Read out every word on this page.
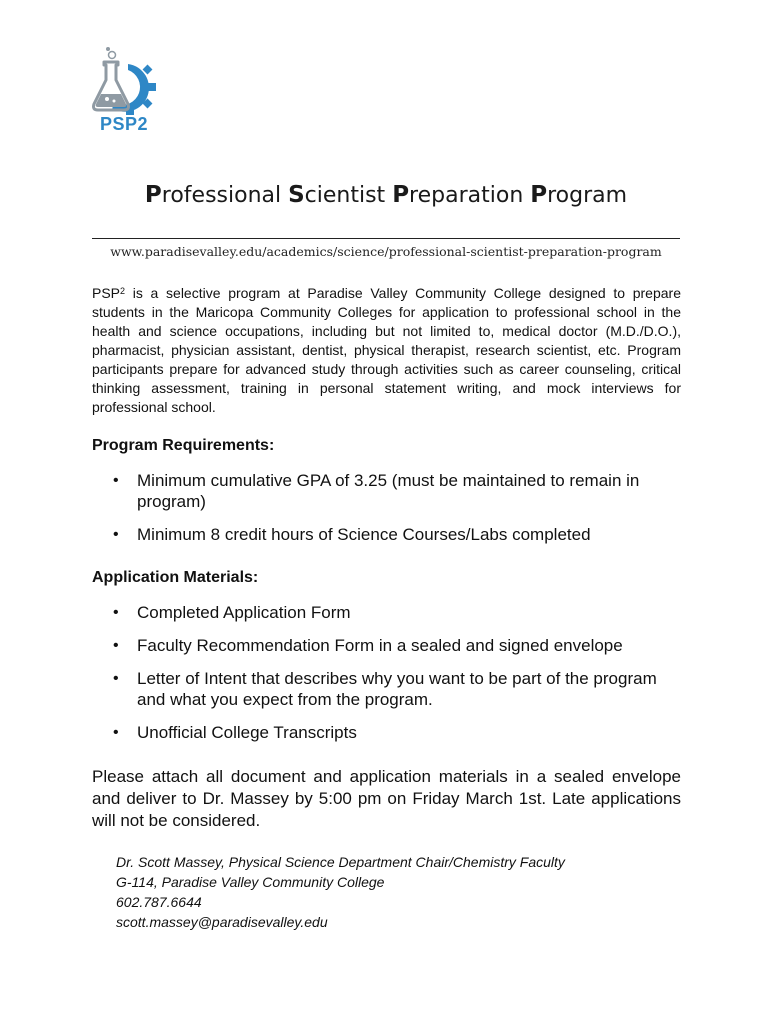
PSP2
Professional Scientist Preparation Program
www.paradisevalley.edu/academics/science/professional-scientist-preparation-program
PSP$^2$ is a selective program at Paradise Valley Community College designed to prepare students in the Maricopa Community Colleges for application to professional school in the health and science occupations, including but not limited to, medical doctor (M.D./D.O.), pharmacist, physician assistant, dentist, physical therapist, research scientist, etc. Program participants prepare for advanced study through activities such as career counseling, critical thinking assessment, training in personal statement writing, and mock interviews for professional school.
Program Requirements:
• Minimum cumulative GPA of 3.25 (must be maintained to remain in program)
• Minimum 8 credit hours of Science Courses/Labs completed
Application Materials:
• Completed Application Form
• Faculty Recommendation Form in a sealed and signed envelope
• Letter of Intent that describes why you want to be part of the program and what you expect from the program.
• Unofficial College Transcripts
Please attach all document and application materials in a sealed envelope and deliver to Dr. Massey by 5:00 pm on Friday March 1st. Late applications will not be considered.
Dr. Scott Massey, Physical Science Department Chair/Chemistry Faculty
G-114, Paradise Valley Community College
602.787.6644
scott.massey@paradisevalley.edu
